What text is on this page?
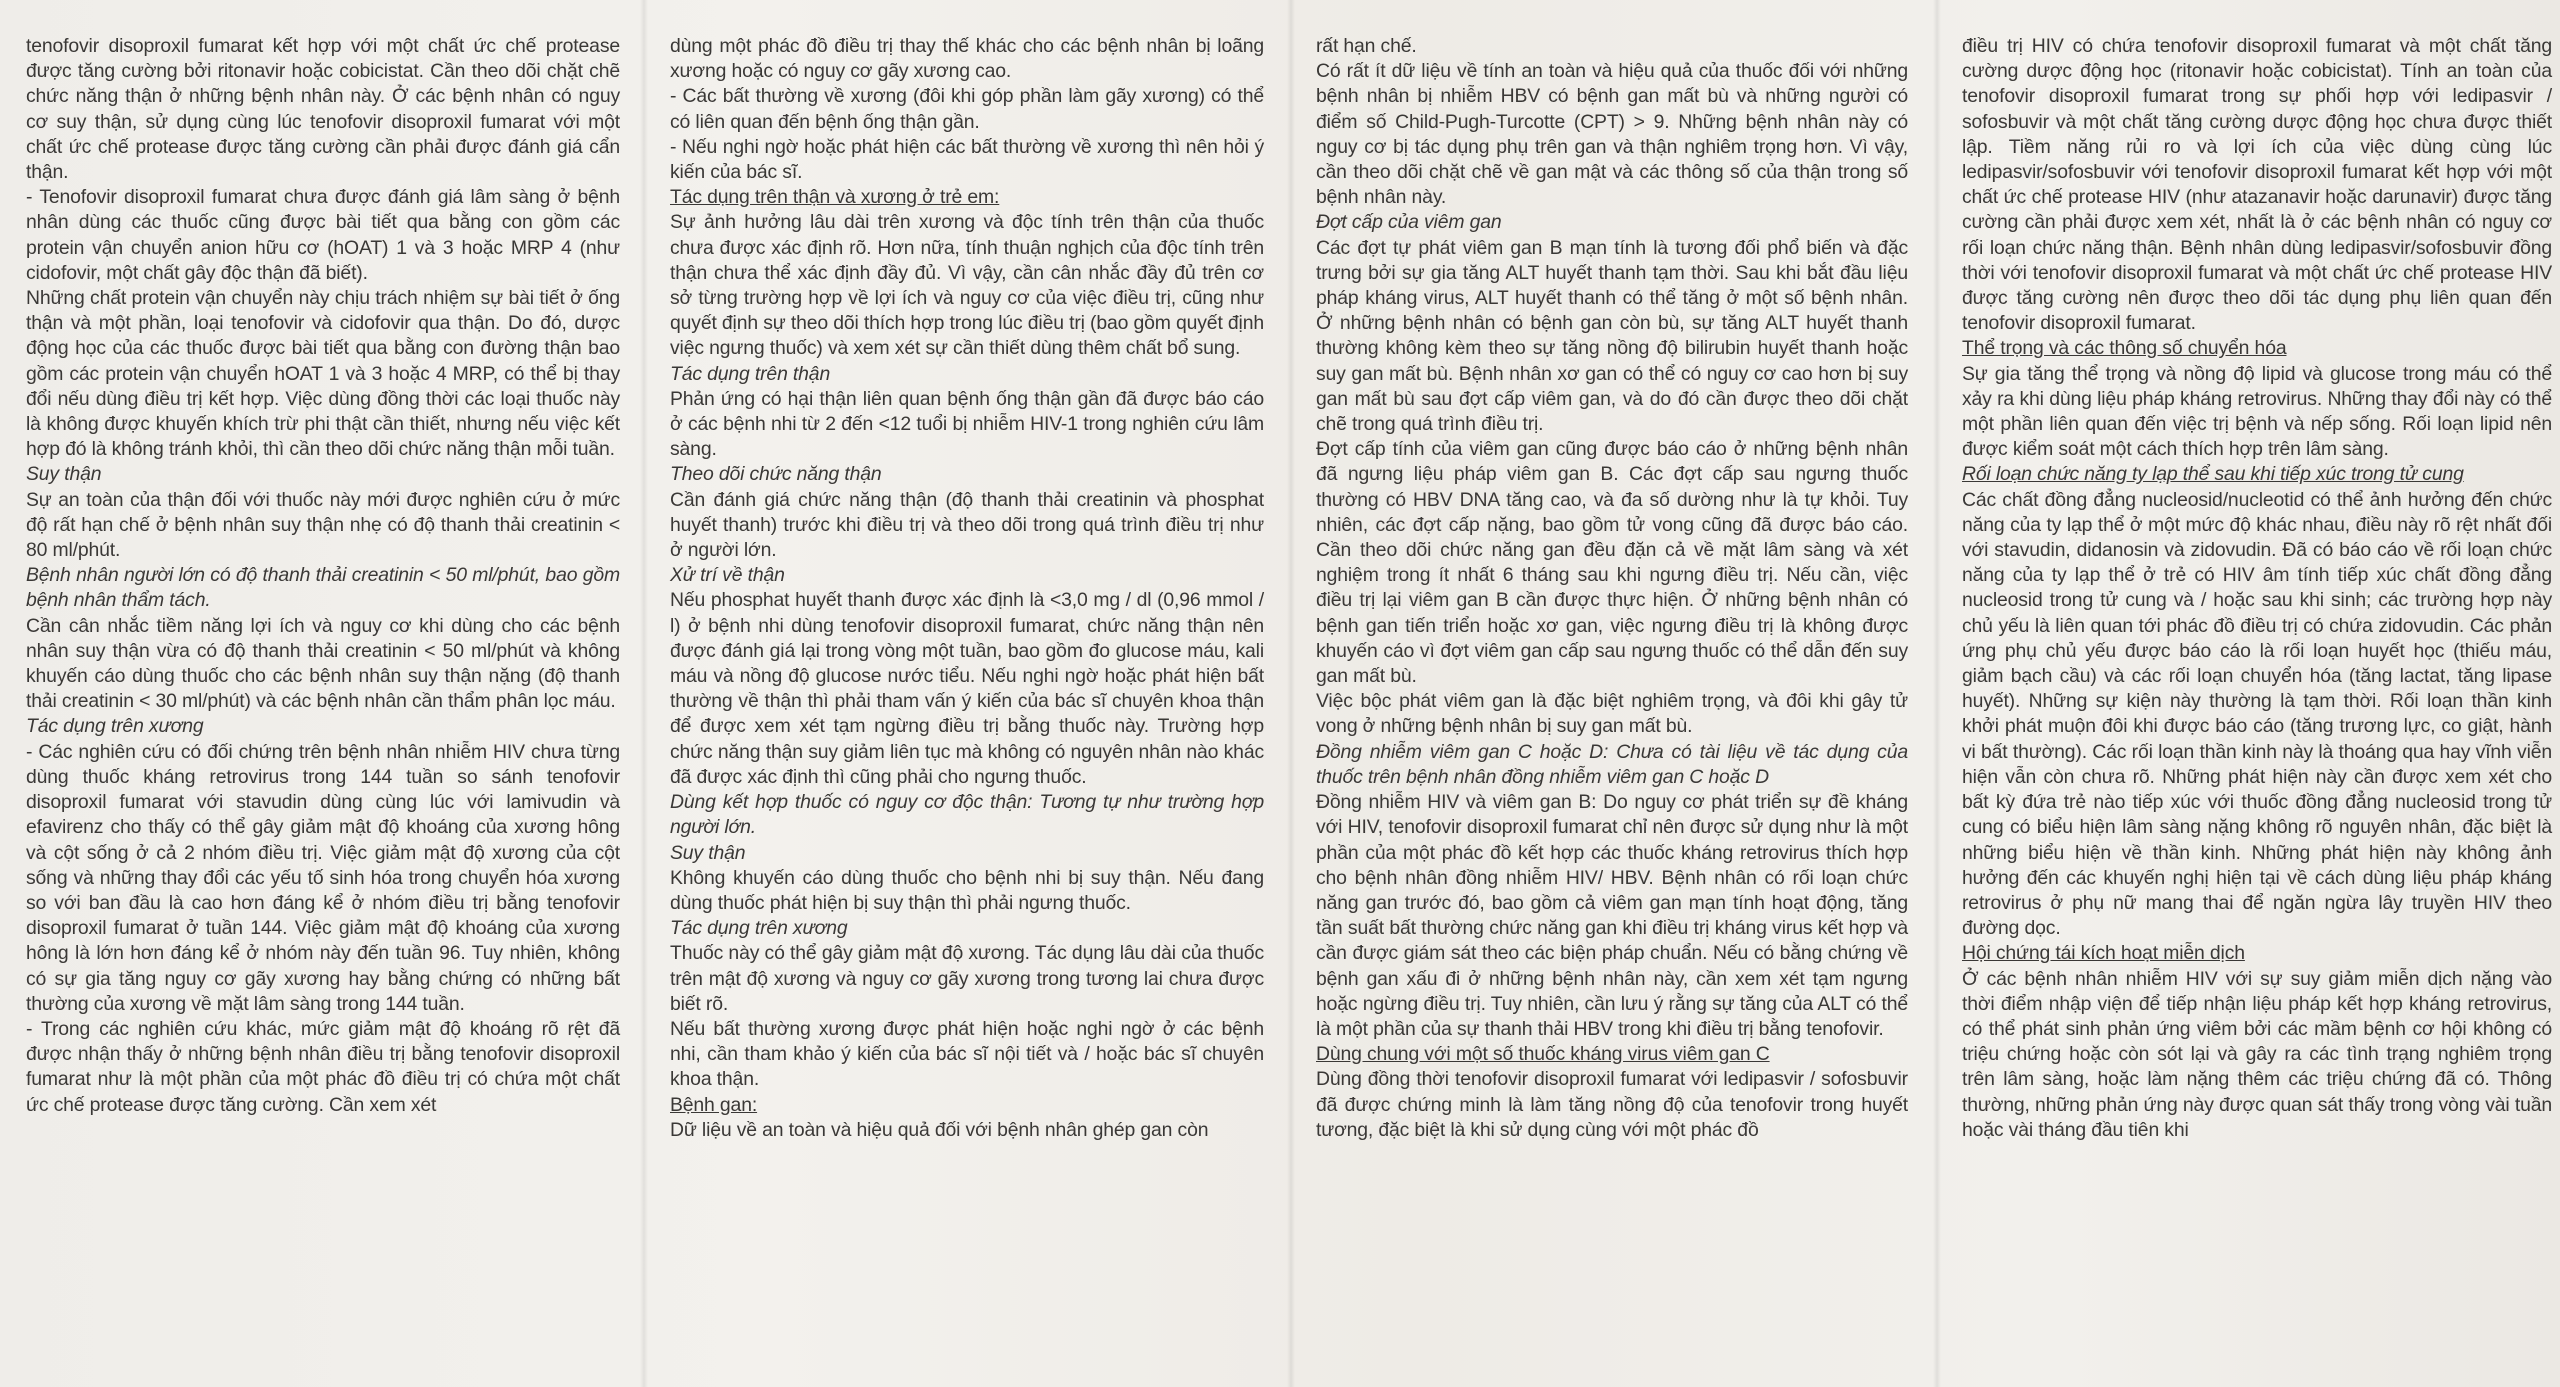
tenofovir disoproxil fumarat kết hợp với một chất ức chế protease được tăng cường bởi ritonavir hoặc cobicistat. Cần theo dõi chặt chẽ chức năng thận ở những bệnh nhân này. Ở các bệnh nhân có nguy cơ suy thận, sử dụng cùng lúc tenofovir disoproxil fumarat với một chất ức chế protease được tăng cường cần phải được đánh giá cẩn thận.

- Tenofovir disoproxil fumarat chưa được đánh giá lâm sàng ở bệnh nhân dùng các thuốc cũng được bài tiết qua bằng con gồm các protein vận chuyển anion hữu cơ (hOAT) 1 và 3 hoặc MRP 4 (như cidofovir, một chất gây độc thận đã biết).

Những chất protein vận chuyển này chịu trách nhiệm sự bài tiết ở ống thận và một phần, loại tenofovir và cidofovir qua thận. Do đó, dược động học của các thuốc được bài tiết qua bằng con đường thận bao gồm các protein vận chuyển hOAT 1 và 3 hoặc 4 MRP, có thể bị thay đổi nếu dùng điều trị kết hợp. Việc dùng đồng thời các loại thuốc này là không được khuyến khích trừ phi thật cần thiết, nhưng nếu việc kết hợp đó là không tránh khỏi, thì cần theo dõi chức năng thận mỗi tuần.

Suy thận

Sự an toàn của thận đối với thuốc này mới được nghiên cứu ở mức độ rất hạn chế ở bệnh nhân suy thận nhẹ có độ thanh thải creatinin < 80 ml/phút.

Bệnh nhân người lớn có độ thanh thải creatinin < 50 ml/phút, bao gồm bệnh nhân thẩm tách.

Cần cân nhắc tiềm năng lợi ích và nguy cơ khi dùng cho các bệnh nhân suy thận vừa có độ thanh thải creatinin < 50 ml/phút và không khuyến cáo dùng thuốc cho các bệnh nhân suy thận nặng (độ thanh thải creatinin < 30 ml/phút) và các bệnh nhân cần thẩm phân lọc máu.

Tác dụng trên xương

- Các nghiên cứu có đối chứng trên bệnh nhân nhiễm HIV chưa từng dùng thuốc kháng retrovirus trong 144 tuần so sánh tenofovir disoproxil fumarat với stavudin dùng cùng lúc với lamivudin và efavirenz cho thấy có thể gây giảm mật độ khoáng của xương hông và cột sống ở cả 2 nhóm điều trị. Việc giảm mật độ xương của cột sống và những thay đổi các yếu tố sinh hóa trong chuyển hóa xương so với ban đầu là cao hơn đáng kể ở nhóm điều trị bằng tenofovir disoproxil fumarat ở tuần 144. Việc giảm mật độ khoáng của xương hông là lớn hơn đáng kể ở nhóm này đến tuần 96. Tuy nhiên, không có sự gia tăng nguy cơ gãy xương hay bằng chứng có những bất thường của xương về mặt lâm sàng trong 144 tuần.

- Trong các nghiên cứu khác, mức giảm mật độ khoáng rõ rệt đã được nhận thấy ở những bệnh nhân điều trị bằng tenofovir disoproxil fumarat như là một phần của một phác đồ điều trị có chứa một chất ức chế protease được tăng cường. Cần xem xét

dùng một phác đồ điều trị thay thế khác cho các bệnh nhân bị loãng xương hoặc có nguy cơ gãy xương cao.

- Các bất thường về xương (đôi khi góp phần làm gãy xương) có thể có liên quan đến bệnh ống thận gần.

- Nếu nghi ngờ hoặc phát hiện các bất thường về xương thì nên hỏi ý kiến của bác sĩ.

Tác dụng trên thận và xương ở trẻ em:

Sự ảnh hưởng lâu dài trên xương và độc tính trên thận của thuốc chưa được xác định rõ. Hơn nữa, tính thuận nghịch của độc tính trên thận chưa thể xác định đầy đủ. Vì vậy, cần cân nhắc đầy đủ trên cơ sở từng trường hợp về lợi ích và nguy cơ của việc điều trị, cũng như quyết định sự theo dõi thích hợp trong lúc điều trị (bao gồm quyết định việc ngưng thuốc) và xem xét sự cần thiết dùng thêm chất bổ sung.

Tác dụng trên thận

Phản ứng có hại thận liên quan bệnh ống thận gần đã được báo cáo ở các bệnh nhi từ 2 đến <12 tuổi bị nhiễm HIV-1 trong nghiên cứu lâm sàng.

Theo dõi chức năng thận

Cần đánh giá chức năng thận (độ thanh thải creatinin và phosphat huyết thanh) trước khi điều trị và theo dõi trong quá trình điều trị như ở người lớn.

Xử trí về thận

Nếu phosphat huyết thanh được xác định là <3,0 mg / dl (0,96 mmol / l) ở bệnh nhi dùng tenofovir disoproxil fumarat, chức năng thận nên được đánh giá lại trong vòng một tuần, bao gồm đo glucose máu, kali máu và nồng độ glucose nước tiểu. Nếu nghi ngờ hoặc phát hiện bất thường về thận thì phải tham vấn ý kiến của bác sĩ chuyên khoa thận để được xem xét tạm ngừng điều trị bằng thuốc này. Trường hợp chức năng thận suy giảm liên tục mà không có nguyên nhân nào khác đã được xác định thì cũng phải cho ngưng thuốc.

Dùng kết hợp thuốc có nguy cơ độc thận: Tương tự như trường hợp người lớn.

Suy thận

Không khuyến cáo dùng thuốc cho bệnh nhi bị suy thận. Nếu đang dùng thuốc phát hiện bị suy thận thì phải ngưng thuốc.

Tác dụng trên xương

Thuốc này có thể gây giảm mật độ xương. Tác dụng lâu dài của thuốc trên mật độ xương và nguy cơ gãy xương trong tương lai chưa được biết rõ.

Nếu bất thường xương được phát hiện hoặc nghi ngờ ở các bệnh nhi, cần tham khảo ý kiến của bác sĩ nội tiết và / hoặc bác sĩ chuyên khoa thận.

Bệnh gan:

Dữ liệu về an toàn và hiệu quả đối với bệnh nhân ghép gan còn

rất hạn chế.

Có rất ít dữ liệu về tính an toàn và hiệu quả của thuốc đối với những bệnh nhân bị nhiễm HBV có bệnh gan mất bù và những người có điểm số Child-Pugh-Turcotte (CPT) > 9. Những bệnh nhân này có nguy cơ bị tác dụng phụ trên gan và thận nghiêm trọng hơn. Vì vậy, cần theo dõi chặt chẽ về gan mật và các thông số của thận trong số bệnh nhân này.

Đợt cấp của viêm gan

Các đợt tự phát viêm gan B mạn tính là tương đối phổ biến và đặc trưng bởi sự gia tăng ALT huyết thanh tạm thời. Sau khi bắt đầu liệu pháp kháng virus, ALT huyết thanh có thể tăng ở một số bệnh nhân. Ở những bệnh nhân có bệnh gan còn bù, sự tăng ALT huyết thanh thường không kèm theo sự tăng nồng độ bilirubin huyết thanh hoặc suy gan mất bù. Bệnh nhân xơ gan có thể có nguy cơ cao hơn bị suy gan mất bù sau đợt cấp viêm gan, và do đó cần được theo dõi chặt chẽ trong quá trình điều trị.

Đợt cấp tính của viêm gan cũng được báo cáo ở những bệnh nhân đã ngưng liệu pháp viêm gan B. Các đợt cấp sau ngưng thuốc thường có HBV DNA tăng cao, và đa số dường như là tự khỏi. Tuy nhiên, các đợt cấp nặng, bao gồm tử vong cũng đã được báo cáo. Cần theo dõi chức năng gan đều đặn cả về mặt lâm sàng và xét nghiệm trong ít nhất 6 tháng sau khi ngưng điều trị. Nếu cần, việc điều trị lại viêm gan B cần được thực hiện. Ở những bệnh nhân có bệnh gan tiến triển hoặc xơ gan, việc ngưng điều trị là không được khuyến cáo vì đợt viêm gan cấp sau ngưng thuốc có thể dẫn đến suy gan mất bù.

Việc bộc phát viêm gan là đặc biệt nghiêm trọng, và đôi khi gây tử vong ở những bệnh nhân bị suy gan mất bù.

Đồng nhiễm viêm gan C hoặc D: Chưa có tài liệu về tác dụng của thuốc trên bệnh nhân đồng nhiễm viêm gan C hoặc D

Đồng nhiễm HIV và viêm gan B: Do nguy cơ phát triển sự đề kháng với HIV, tenofovir disoproxil fumarat chỉ nên được sử dụng như là một phần của một phác đồ kết hợp các thuốc kháng retrovirus thích hợp cho bệnh nhân đồng nhiễm HIV/ HBV. Bệnh nhân có rối loạn chức năng gan trước đó, bao gồm cả viêm gan mạn tính hoạt động, tăng tần suất bất thường chức năng gan khi điều trị kháng virus kết hợp và cần được giám sát theo các biện pháp chuẩn. Nếu có bằng chứng về bệnh gan xấu đi ở những bệnh nhân này, cần xem xét tạm ngưng hoặc ngừng điều trị. Tuy nhiên, cần lưu ý rằng sự tăng của ALT có thể là một phần của sự thanh thải HBV trong khi điều trị bằng tenofovir.

Dùng chung với một số thuốc kháng virus viêm gan C

Dùng đồng thời tenofovir disoproxil fumarat với ledipasvir / sofosbuvir đã được chứng minh là làm tăng nồng độ của tenofovir trong huyết tương, đặc biệt là khi sử dụng cùng với một phác đồ

điều trị HIV có chứa tenofovir disoproxil fumarat và một chất tăng cường dược động học (ritonavir hoặc cobicistat). Tính an toàn của tenofovir disoproxil fumarat trong sự phối hợp với ledipasvir / sofosbuvir và một chất tăng cường dược động học chưa được thiết lập. Tiềm năng rủi ro và lợi ích của việc dùng cùng lúc ledipasvir/sofosbuvir với tenofovir disoproxil fumarat kết hợp với một chất ức chế protease HIV (như atazanavir hoặc darunavir) được tăng cường cần phải được xem xét, nhất là ở các bệnh nhân có nguy cơ rối loạn chức năng thận. Bệnh nhân dùng ledipasvir/sofosbuvir đồng thời với tenofovir disoproxil fumarat và một chất ức chế protease HIV được tăng cường nên được theo dõi tác dụng phụ liên quan đến tenofovir disoproxil fumarat.

Thể trọng và các thông số chuyển hóa

Sự gia tăng thể trọng và nồng độ lipid và glucose trong máu có thể xảy ra khi dùng liệu pháp kháng retrovirus. Những thay đổi này có thể một phần liên quan đến việc trị bệnh và nếp sống. Rối loạn lipid nên được kiểm soát một cách thích hợp trên lâm sàng.

Rối loạn chức năng ty lạp thể sau khi tiếp xúc trong tử cung

Các chất đồng đẳng nucleosid/nucleotid có thể ảnh hưởng đến chức năng của ty lạp thể ở một mức độ khác nhau, điều này rõ rệt nhất đối với stavudin, didanosin và zidovudin. Đã có báo cáo về rối loạn chức năng của ty lạp thể ở trẻ có HIV âm tính tiếp xúc chất đồng đẳng nucleosid trong tử cung và / hoặc sau khi sinh; các trường hợp này chủ yếu là liên quan tới phác đồ điều trị có chứa zidovudin. Các phản ứng phụ chủ yếu được báo cáo là rối loạn huyết học (thiếu máu, giảm bạch cầu) và các rối loạn chuyển hóa (tăng lactat, tăng lipase huyết). Những sự kiện này thường là tạm thời. Rối loạn thần kinh khởi phát muộn đôi khi được báo cáo (tăng trương lực, co giật, hành vi bất thường). Các rối loạn thần kinh này là thoáng qua hay vĩnh viễn hiện vẫn còn chưa rõ. Những phát hiện này cần được xem xét cho bất kỳ đứa trẻ nào tiếp xúc với thuốc đồng đẳng nucleosid trong tử cung có biểu hiện lâm sàng nặng không rõ nguyên nhân, đặc biệt là những biểu hiện về thần kinh. Những phát hiện này không ảnh hưởng đến các khuyến nghị hiện tại về cách dùng liệu pháp kháng retrovirus ở phụ nữ mang thai để ngăn ngừa lây truyền HIV theo đường dọc.

Hội chứng tái kích hoạt miễn dịch

Ở các bệnh nhân nhiễm HIV với sự suy giảm miễn dịch nặng vào thời điểm nhập viện để tiếp nhận liệu pháp kết hợp kháng retrovirus, có thể phát sinh phản ứng viêm bởi các mầm bệnh cơ hội không có triệu chứng hoặc còn sót lại và gây ra các tình trạng nghiêm trọng trên lâm sàng, hoặc làm nặng thêm các triệu chứng đã có. Thông thường, những phản ứng này được quan sát thấy trong vòng vài tuần hoặc vài tháng đầu tiên khi
